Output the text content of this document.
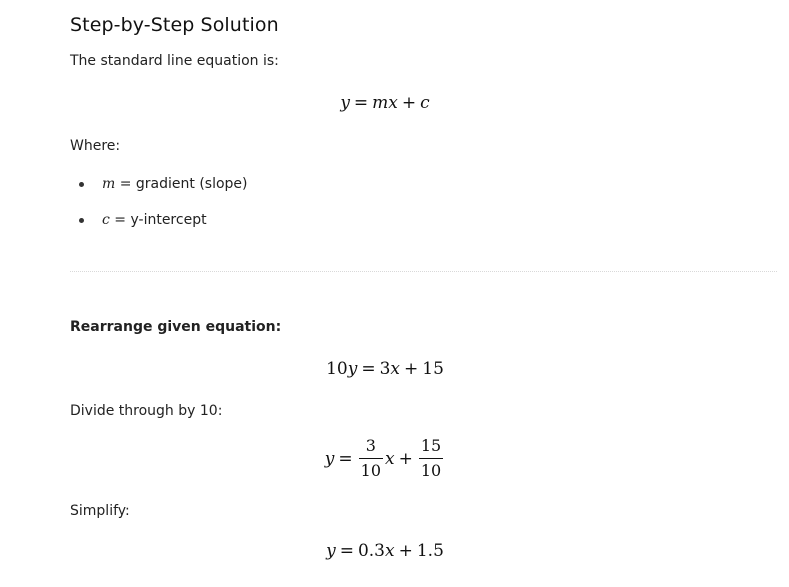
Step-by-Step Solution
The standard line equation is:
y = mx + c
Where:
m = gradient (slope)
c = y-intercept
Rearrange given equation:
10y = 3x + 15
Divide through by 10:
$y = \frac{3}{10}$ $x + \frac{15}{10}$
Simplify:
y = 0.3x + 1.5
